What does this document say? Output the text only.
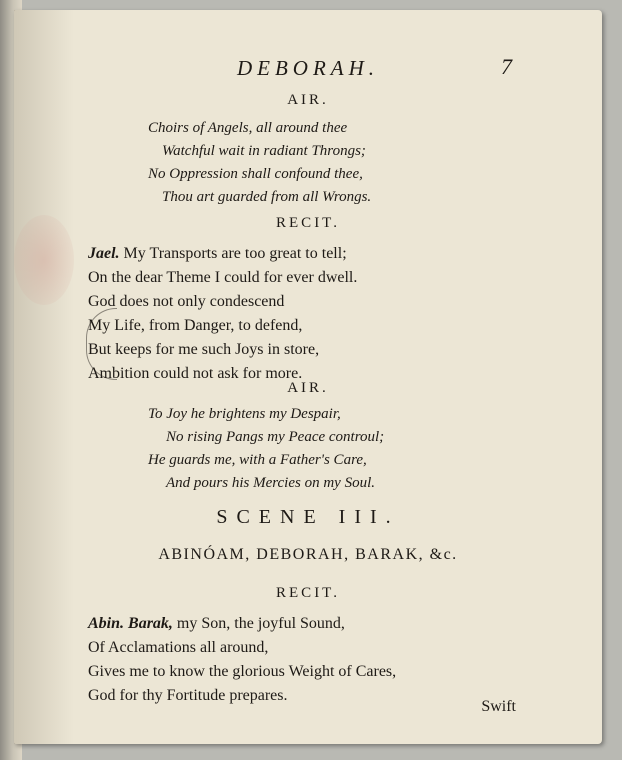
DEBORAH.	7
AIR.
Choirs of Angels, all around thee
Watchful wait in radiant Throngs;
No Oppression shall confound thee,
Thou art guarded from all Wrongs.
RECIT.
Jael. My Transports are too great to tell;
On the dear Theme I could for ever dwell.
God does not only condescend
My Life, from Danger, to defend,
But keeps for me such Joys in store,
Ambition could not ask for more.
AIR.
To Joy he brightens my Despair,
No rising Pangs my Peace controul;
He guards me, with a Father's Care,
And pours his Mercies on my Soul.
SCENE III.
ABINÓAM, DEBORAH, BARAK, &c.
RECIT.
Abin. Barak, my Son, the joyful Sound,
Of Acclamations all around,
Gives me to know the glorious Weight of Cares,
God for thy Fortitude prepares.
Swift
